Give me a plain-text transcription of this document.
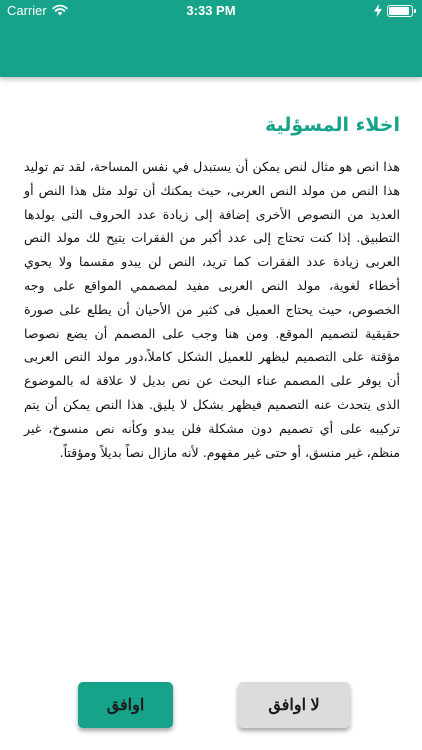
Carrier	3:33 PM
اخلاء المسؤلية

هذا انص هو مثال لنص يمكن أن يستبدل في نفس المساحة، لقد تم توليد هذا النص من مولد النص العربى، حيث يمكنك أن تولد مثل هذا النص أو العديد من النصوص الأخرى إضافة إلى زيادة عدد الحروف التى يولدها التطبيق. إذا كنت تحتاج إلى عدد أكبر من الفقرات يتيح لك مولد النص العربى زيادة عدد الفقرات كما تريد، النص لن يبدو مقسما ولا يحوي أخطاء لغوية، مولد النص العربى مفيد لمصممي المواقع على وجه الخصوص، حيث يحتاج العميل فى كثير من الأحيان أن يطلع على صورة حقيقية لتصميم الموقع. ومن هنا وجب على المصمم أن يضع نصوصا مؤقتة على التصميم ليظهر للعميل الشكل كاملاً،دور مولد النص العربى أن يوفر على المصمم عناء البحث عن نص بديل لا علاقة له بالموضوع الذى يتحدث عنه التصميم فيظهر بشكل لا يليق. هذا النص يمكن أن يتم تركيبه على أي تصميم دون مشكلة فلن يبدو وكأنه نص منسوخ، غير منظم، غير منسق، أو حتى غير مفهوم. لأنه مازال نصاً بديلاً ومؤقتاً.

اوافق	لا اوافق
